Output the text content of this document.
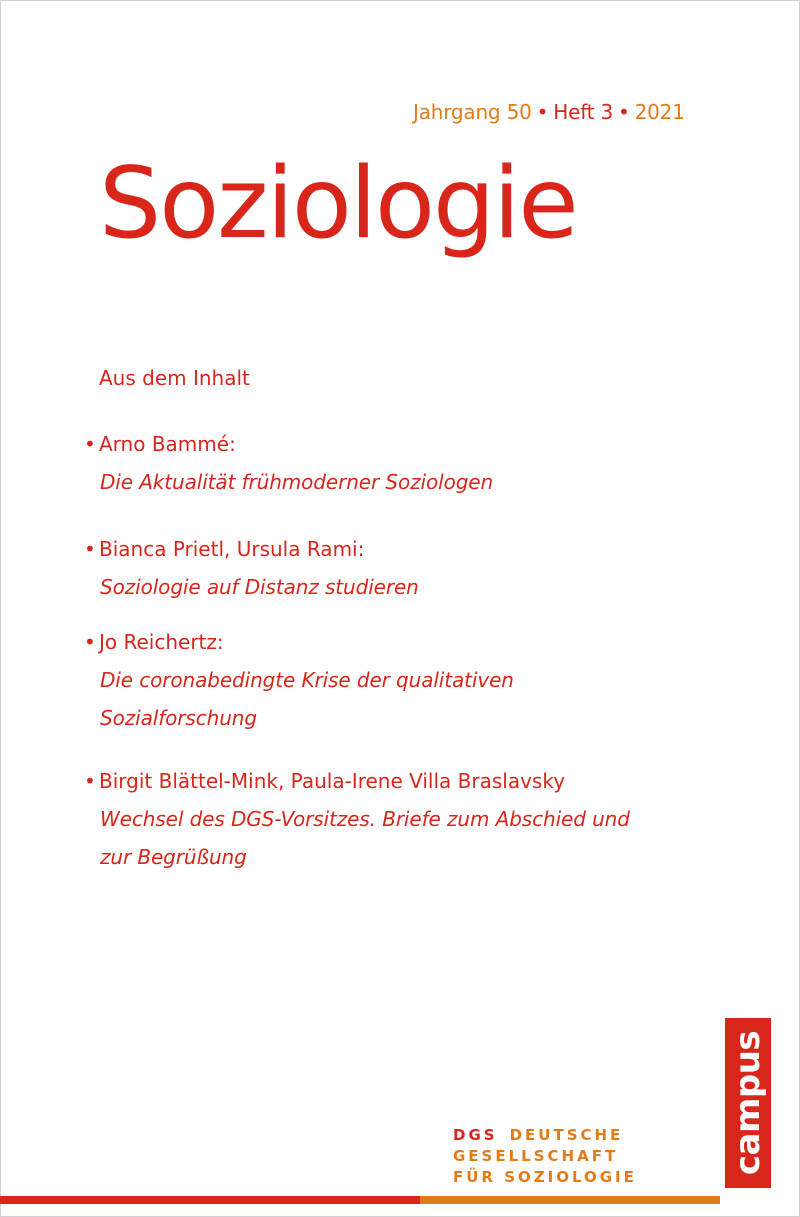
Jahrgang 50 • Heft 3 • 2021
Soziologie
Aus dem Inhalt
• Arno Bammé:
Die Aktualität frühmoderner Soziologen
• Bianca Prietl, Ursula Rami:
Soziologie auf Distanz studieren
• Jo Reichertz:
Die coronabedingte Krise der qualitativen Sozialforschung
• Birgit Blättel-Mink, Paula-Irene Villa Braslavsky
Wechsel des DGS-Vorsitzes. Briefe zum Abschied und zur Begrüßung
campus
DGS DEUTSCHE
GESELLSCHAFT
FÜR SOZIOLOGIE
